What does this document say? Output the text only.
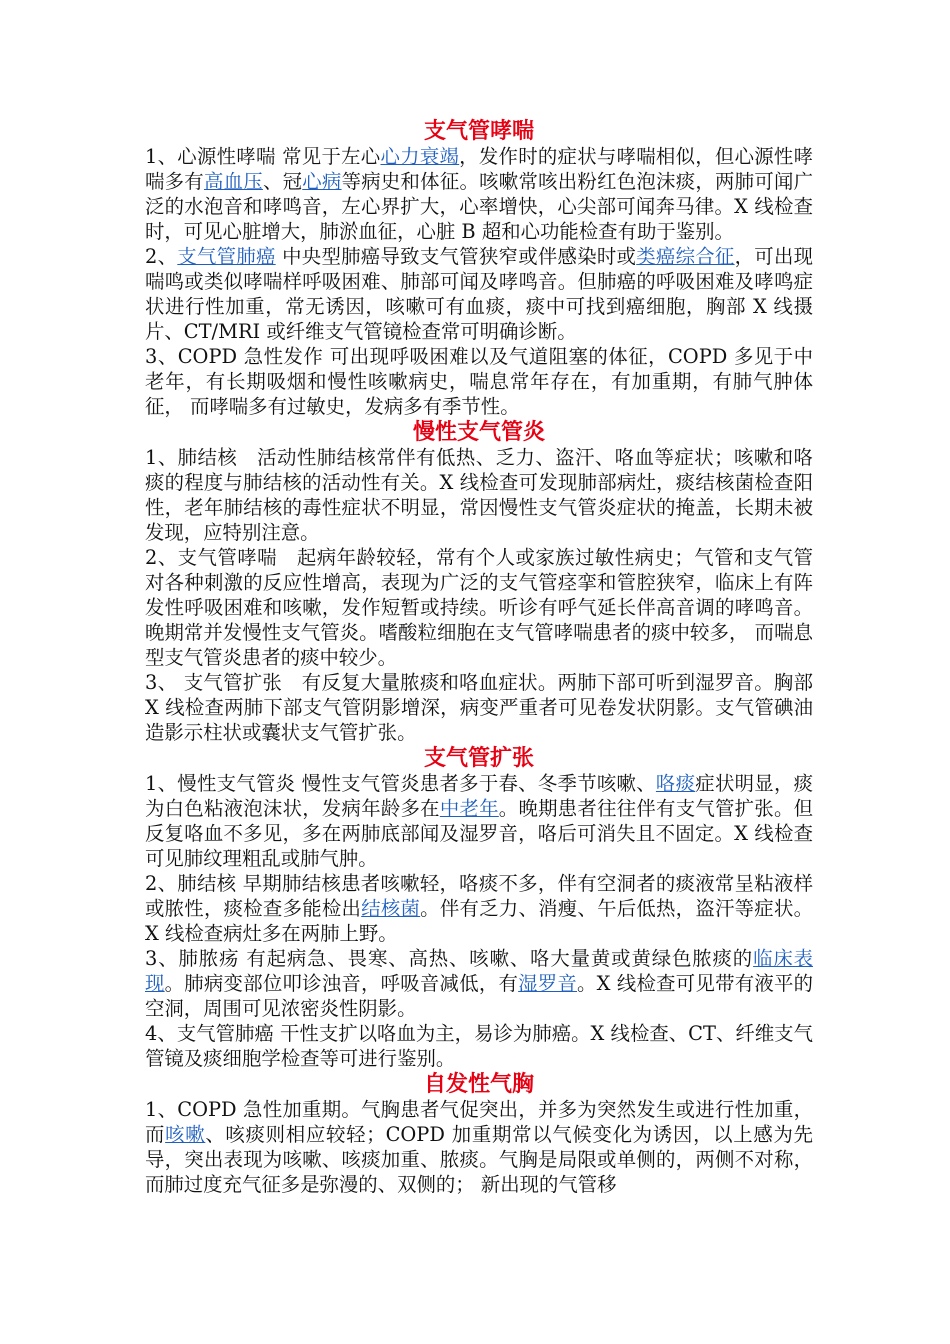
支气管哮喘

1、心源性哮喘 常见于左心心力衰竭，发作时的症状与哮喘相似，但心源性哮喘多有高血压、冠心病等病史和体征。咳嗽常咳出粉红色泡沫痰，两肺可闻广泛的水泡音和哮鸣音，左心界扩大，心率增快，心尖部可闻奔马律。X 线检查时，可见心脏增大，肺淤血征，心脏 B 超和心功能检查有助于鉴别。

2、支气管肺癌 中央型肺癌导致支气管狭窄或伴感染时或类癌综合征，可出现喘鸣或类似哮喘样呼吸困难、肺部可闻及哮鸣音。但肺癌的呼吸困难及哮鸣症状进行性加重，常无诱因，咳嗽可有血痰，痰中可找到癌细胞，胸部 X 线摄片、CT/MRI 或纤维支气管镜检查常可明确诊断。

3、COPD 急性发作 可出现呼吸困难以及气道阻塞的体征，COPD 多见于中老年，有长期吸烟和慢性咳嗽病史，喘息常年存在，有加重期，有肺气肿体征， 而哮喘多有过敏史，发病多有季节性。

慢性支气管炎

1、肺结核　活动性肺结核常伴有低热、乏力、盗汗、咯血等症状；咳嗽和咯痰的程度与肺结核的活动性有关。X 线检查可发现肺部病灶，痰结核菌检查阳性，老年肺结核的毒性症状不明显，常因慢性支气管炎症状的掩盖，长期未被发现，应特别注意。

2、支气管哮喘　起病年龄较轻，常有个人或家族过敏性病史；气管和支气管对各种刺激的反应性增高，表现为广泛的支气管痉挛和管腔狭窄，临床上有阵发性呼吸困难和咳嗽，发作短暂或持续。听诊有呼气延长伴高音调的哮鸣音。晚期常并发慢性支气管炎。嗜酸粒细胞在支气管哮喘患者的痰中较多， 而喘息型支气管炎患者的痰中较少。

3、 支气管扩张　有反复大量脓痰和咯血症状。两肺下部可听到湿罗音。胸部 X 线检查两肺下部支气管阴影增深，病变严重者可见卷发状阴影。支气管碘油造影示柱状或囊状支气管扩张。

支气管扩张

1、慢性支气管炎 慢性支气管炎患者多于春、冬季节咳嗽、咯痰症状明显，痰为白色粘液泡沫状，发病年龄多在中老年。晚期患者往往伴有支气管扩张。但反复咯血不多见，多在两肺底部闻及湿罗音，咯后可消失且不固定。X 线检查可见肺纹理粗乱或肺气肿。

2、肺结核 早期肺结核患者咳嗽轻，咯痰不多，伴有空洞者的痰液常呈粘液样或脓性，痰检查多能检出结核菌。伴有乏力、消瘦、午后低热，盗汗等症状。X 线检查病灶多在两肺上野。

3、肺脓疡 有起病急、畏寒、高热、咳嗽、咯大量黄或黄绿色脓痰的临床表现。肺病变部位叩诊浊音，呼吸音减低，有湿罗音。X 线检查可见带有液平的空洞，周围可见浓密炎性阴影。

4、支气管肺癌 干性支扩以咯血为主，易诊为肺癌。X 线检查、CT、纤维支气管镜及痰细胞学检查等可进行鉴别。

自发性气胸

1、COPD 急性加重期。气胸患者气促突出，并多为突然发生或进行性加重，而咳嗽、咳痰则相应较轻；COPD 加重期常以气候变化为诱因，以上感为先导，突出表现为咳嗽、咳痰加重、脓痰。气胸是局限或单侧的，两侧不对称，而肺过度充气征多是弥漫的、双侧的； 新出现的气管移
